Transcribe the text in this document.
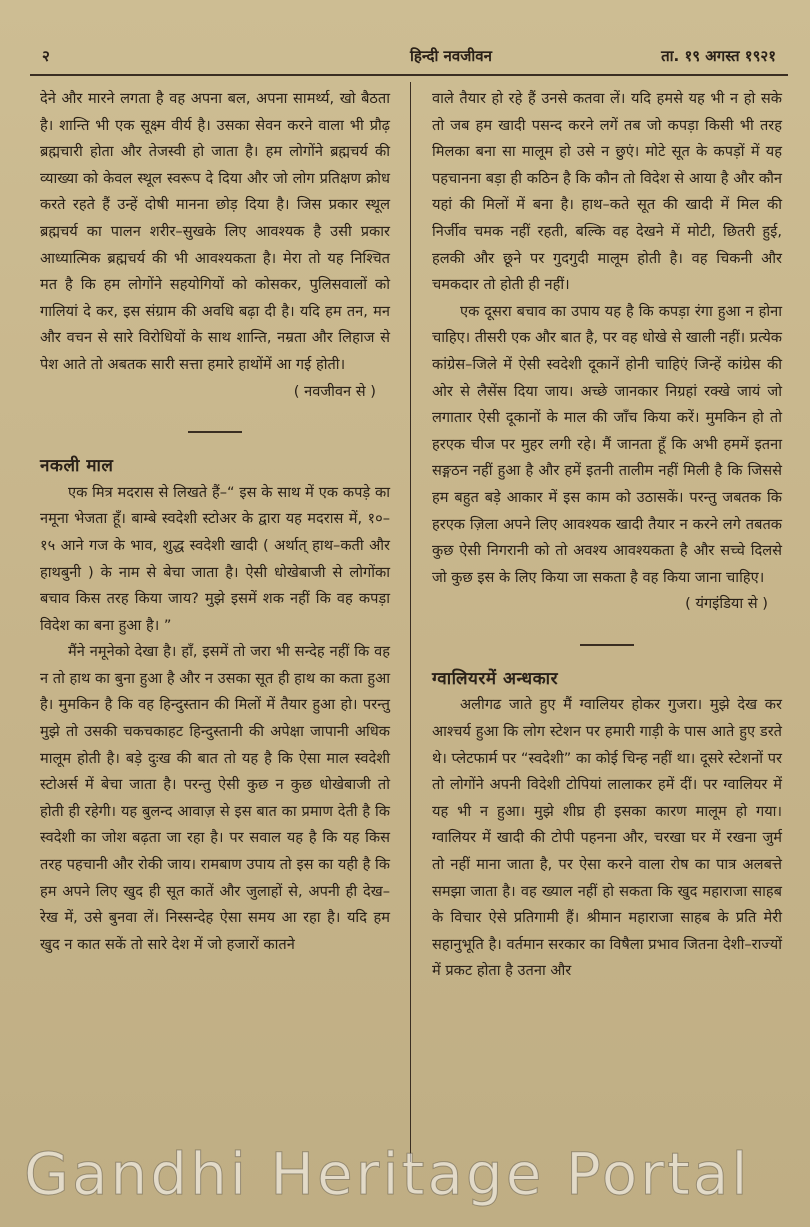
२	हिन्दी नवजीवन	ता. १९ अगस्त १९२१

देने और मारने लगता है वह अपना बल, अपना सामर्थ्य, खो बैठता है। शान्ति भी एक सूक्ष्म वीर्य है। उसका सेवन करने वाला भी प्रौढ़ ब्रह्मचारी होता और तेजस्वी हो जाता है। हम लोगोंने ब्रह्मचर्य की व्याख्या को केवल स्थूल स्वरूप दे दिया और जो लोग प्रतिक्षण क्रोध करते रहते हैं उन्हें दोषी मानना छोड़ दिया है। जिस प्रकार स्थूल ब्रह्मचर्य का पालन शरीर–सुखके लिए आवश्यक है उसी प्रकार आध्यात्मिक ब्रह्मचर्य की भी आवश्यकता है। मेरा तो यह निश्चित मत है कि हम लोगोंने सहयोगियों को कोसकर, पुलिसवालों को गालियां दे कर, इस संग्राम की अवधि बढ़ा दी है। यदि हम तन, मन और वचन से सारे विरोधियों के साथ शान्ति, नम्रता और लिहाज से पेश आते तो अबतक सारी सत्ता हमारे हाथोंमें आ गई होती।

( नवजीवन से )

नकली माल

एक मित्र मदरास से लिखते हैं–“ इस के साथ में एक कपड़े का नमूना भेजता हूँ। बाम्बे स्वदेशी स्टोअर के द्वारा यह मदरास में, १०–१५ आने गज के भाव, शुद्ध स्वदेशी खादी ( अर्थात् हाथ–कती और हाथबुनी ) के नाम से बेचा जाता है। ऐसी धोखेबाजी से लोगोंका बचाव किस तरह किया जाय? मुझे इसमें शक नहीं कि वह कपड़ा विदेश का बना हुआ है। ”

मैंने नमूनेको देखा है। हाँ, इसमें तो जरा भी सन्देह नहीं कि वह न तो हाथ का बुना हुआ है और न उसका सूत ही हाथ का कता हुआ है। मुमकिन है कि वह हिन्दुस्तान की मिलों में तैयार हुआ हो। परन्तु मुझे तो उसकी चकचकाहट हिन्दुस्तानी की अपेक्षा जापानी अधिक मालूम होती है। बड़े दुःख की बात तो यह है कि ऐसा माल स्वदेशी स्टोअर्स में बेचा जाता है। परन्तु ऐसी कुछ न कुछ धोखेबाजी तो होती ही रहेगी। यह बुलन्द आवाज़ से इस बात का प्रमाण देती है कि स्वदेशी का जोश बढ़ता जा रहा है। पर सवाल यह है कि यह किस तरह पहचानी और रोकी जाय। रामबाण उपाय तो इस का यही है कि हम अपने लिए खुद ही सूत कातें और जुलाहों से, अपनी ही देख–रेख में, उसे बुनवा लें। निस्सन्देह ऐसा समय आ रहा है। यदि हम खुद न कात सकें तो सारे देश में जो हजारों कातने

वाले तैयार हो रहे हैं उनसे कतवा लें। यदि हमसे यह भी न हो सके तो जब हम खादी पसन्द करने लगें तब जो कपड़ा किसी भी तरह मिलका बना सा मालूम हो उसे न छुएं। मोटे सूत के कपड़ों में यह पहचानना बड़ा ही कठिन है कि कौन तो विदेश से आया है और कौन यहां की मिलों में बना है। हाथ–कते सूत की खादी में मिल की निर्जीव चमक नहीं रहती, बल्कि वह देखने में मोटी, छितरी हुई, हलकी और छूने पर गुदगुदी मालूम होती है। वह चिकनी और चमकदार तो होती ही नहीं।

एक दूसरा बचाव का उपाय यह है कि कपड़ा रंगा हुआ न होना चाहिए। तीसरी एक और बात है, पर वह धोखे से खाली नहीं। प्रत्येक कांग्रेस–जिले में ऐसी स्वदेशी दूकानें होनी चाहिएं जिन्हें कांग्रेस की ओर से लैसेंस दिया जाय। अच्छे जानकार निग्रहां रक्खे जायं जो लगातार ऐसी दूकानों के माल की जाँच किया करें। मुमकिन हो तो हरएक चीज पर मुहर लगी रहे। मैं जानता हूँ कि अभी हममें इतना सङ्गठन नहीं हुआ है और हमें इतनी तालीम नहीं मिली है कि जिससे हम बहुत बड़े आकार में इस काम को उठासकें। परन्तु जबतक कि हरएक ज़िला अपने लिए आवश्यक खादी तैयार न करने लगे तबतक कुछ ऐसी निगरानी को तो अवश्य आवश्यकता है और सच्चे दिलसे जो कुछ इस के लिए किया जा सकता है वह किया जाना चाहिए।

( यंगइंडिया से )

ग्वालियरमें अन्धकार

अलीगढ जाते हुए मैं ग्वालियर होकर गुजरा। मुझे देख कर आश्चर्य हुआ कि लोग स्टेशन पर हमारी गाड़ी के पास आते हुए डरते थे। प्लेटफार्म पर “स्वदेशी” का कोई चिन्ह नहीं था। दूसरे स्टेशनों पर तो लोगोंने अपनी विदेशी टोपियां लालाकर हमें दीं। पर ग्वालियर में यह भी न हुआ। मुझे शीघ्र ही इसका कारण मालूम हो गया। ग्वालियर में खादी की टोपी पहनना और, चरखा घर में रखना जुर्म तो नहीं माना जाता है, पर ऐसा करने वाला रोष का पात्र अलबत्ते समझा जाता है। वह ख्याल नहीं हो सकता कि खुद महाराजा साहब के विचार ऐसे प्रतिगामी हैं। श्रीमान महाराजा साहब के प्रति मेरी सहानुभूति है। वर्तमान सरकार का विषैला प्रभाव जितना देशी–राज्यों में प्रकट होता है उतना और

Gandhi Heritage Portal
